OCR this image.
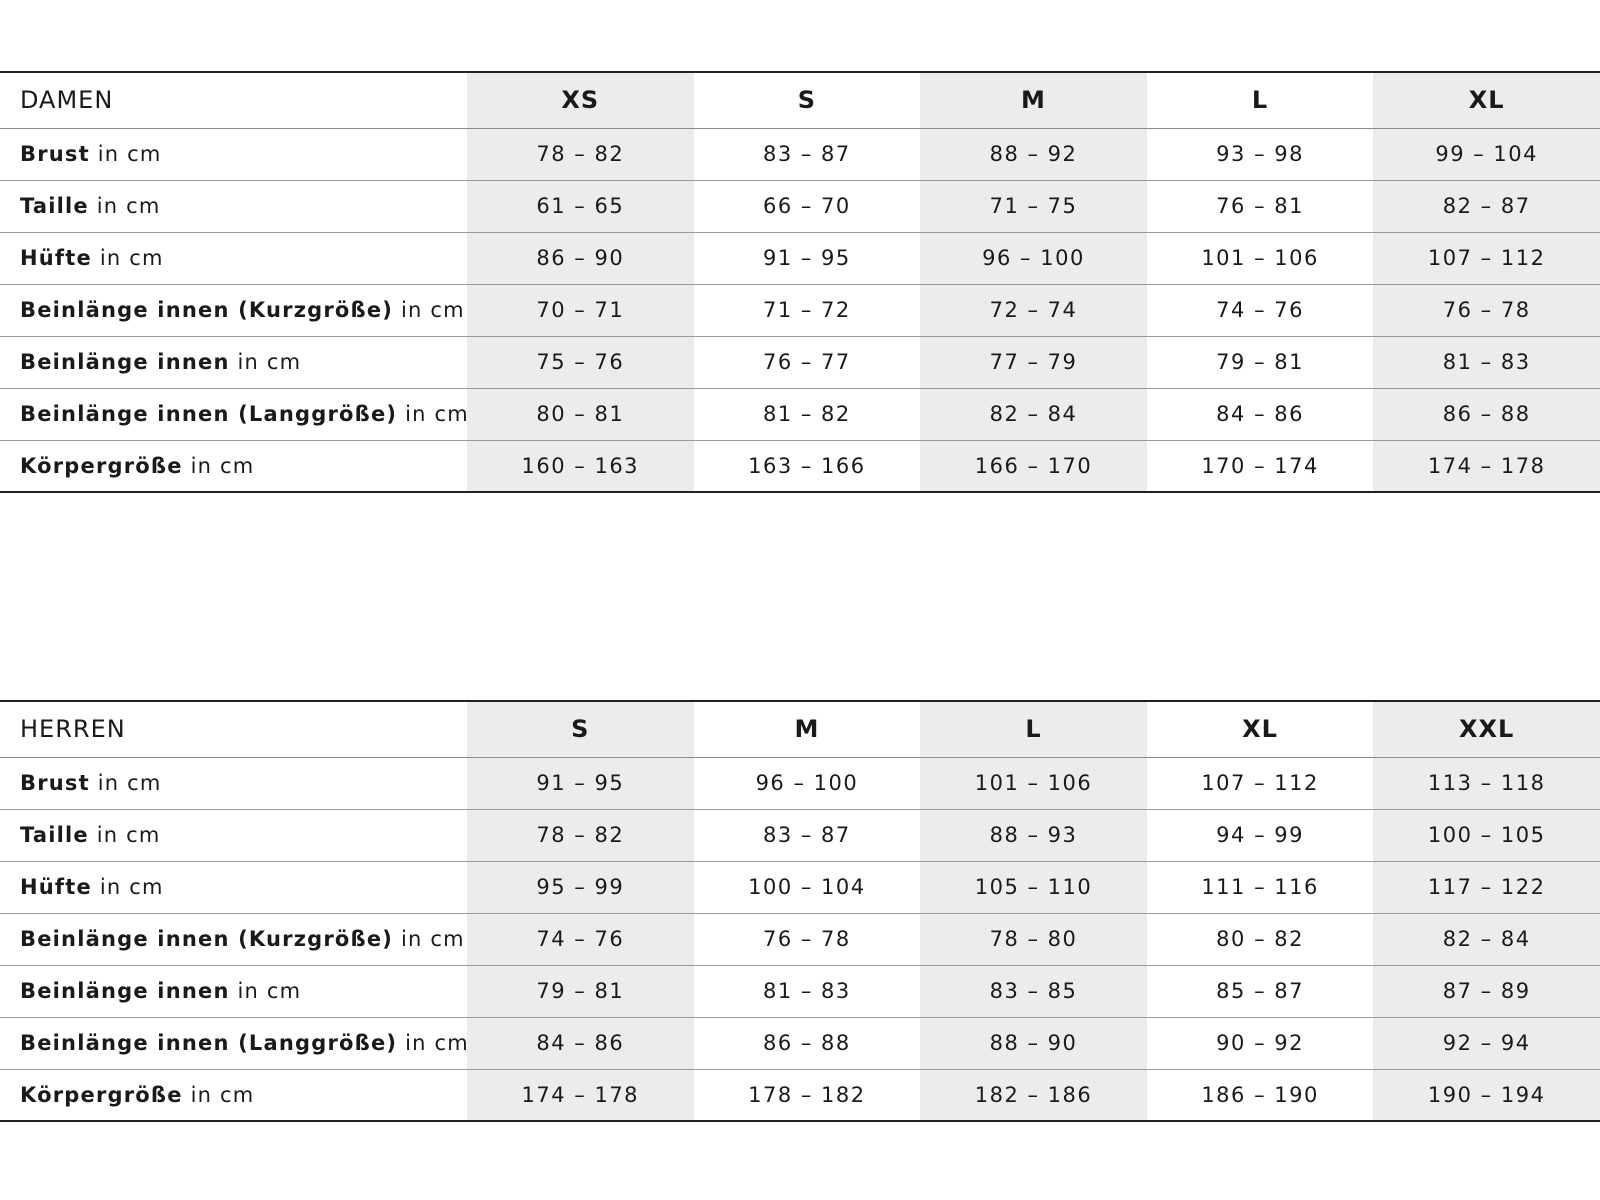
DAMEN	XS	S	M	L	XL
Brust in cm	78 – 82	83 – 87	88 – 92	93 – 98	99 – 104
Taille in cm	61 – 65	66 – 70	71 – 75	76 – 81	82 – 87
Hüfte in cm	86 – 90	91 – 95	96 – 100	101 – 106	107 – 112
Beinlänge innen (Kurzgröße) in cm	70 – 71	71 – 72	72 – 74	74 – 76	76 – 78
Beinlänge innen in cm	75 – 76	76 – 77	77 – 79	79 – 81	81 – 83
Beinlänge innen (Langgröße) in cm	80 – 81	81 – 82	82 – 84	84 – 86	86 – 88
Körpergröße in cm	160 – 163	163 – 166	166 – 170	170 – 174	174 – 178
HERREN	S	M	L	XL	XXL
Brust in cm	91 – 95	96 – 100	101 – 106	107 – 112	113 – 118
Taille in cm	78 – 82	83 – 87	88 – 93	94 – 99	100 – 105
Hüfte in cm	95 – 99	100 – 104	105 – 110	111 – 116	117 – 122
Beinlänge innen (Kurzgröße) in cm	74 – 76	76 – 78	78 – 80	80 – 82	82 – 84
Beinlänge innen in cm	79 – 81	81 – 83	83 – 85	85 – 87	87 – 89
Beinlänge innen (Langgröße) in cm	84 – 86	86 – 88	88 – 90	90 – 92	92 – 94
Körpergröße in cm	174 – 178	178 – 182	182 – 186	186 – 190	190 – 194
